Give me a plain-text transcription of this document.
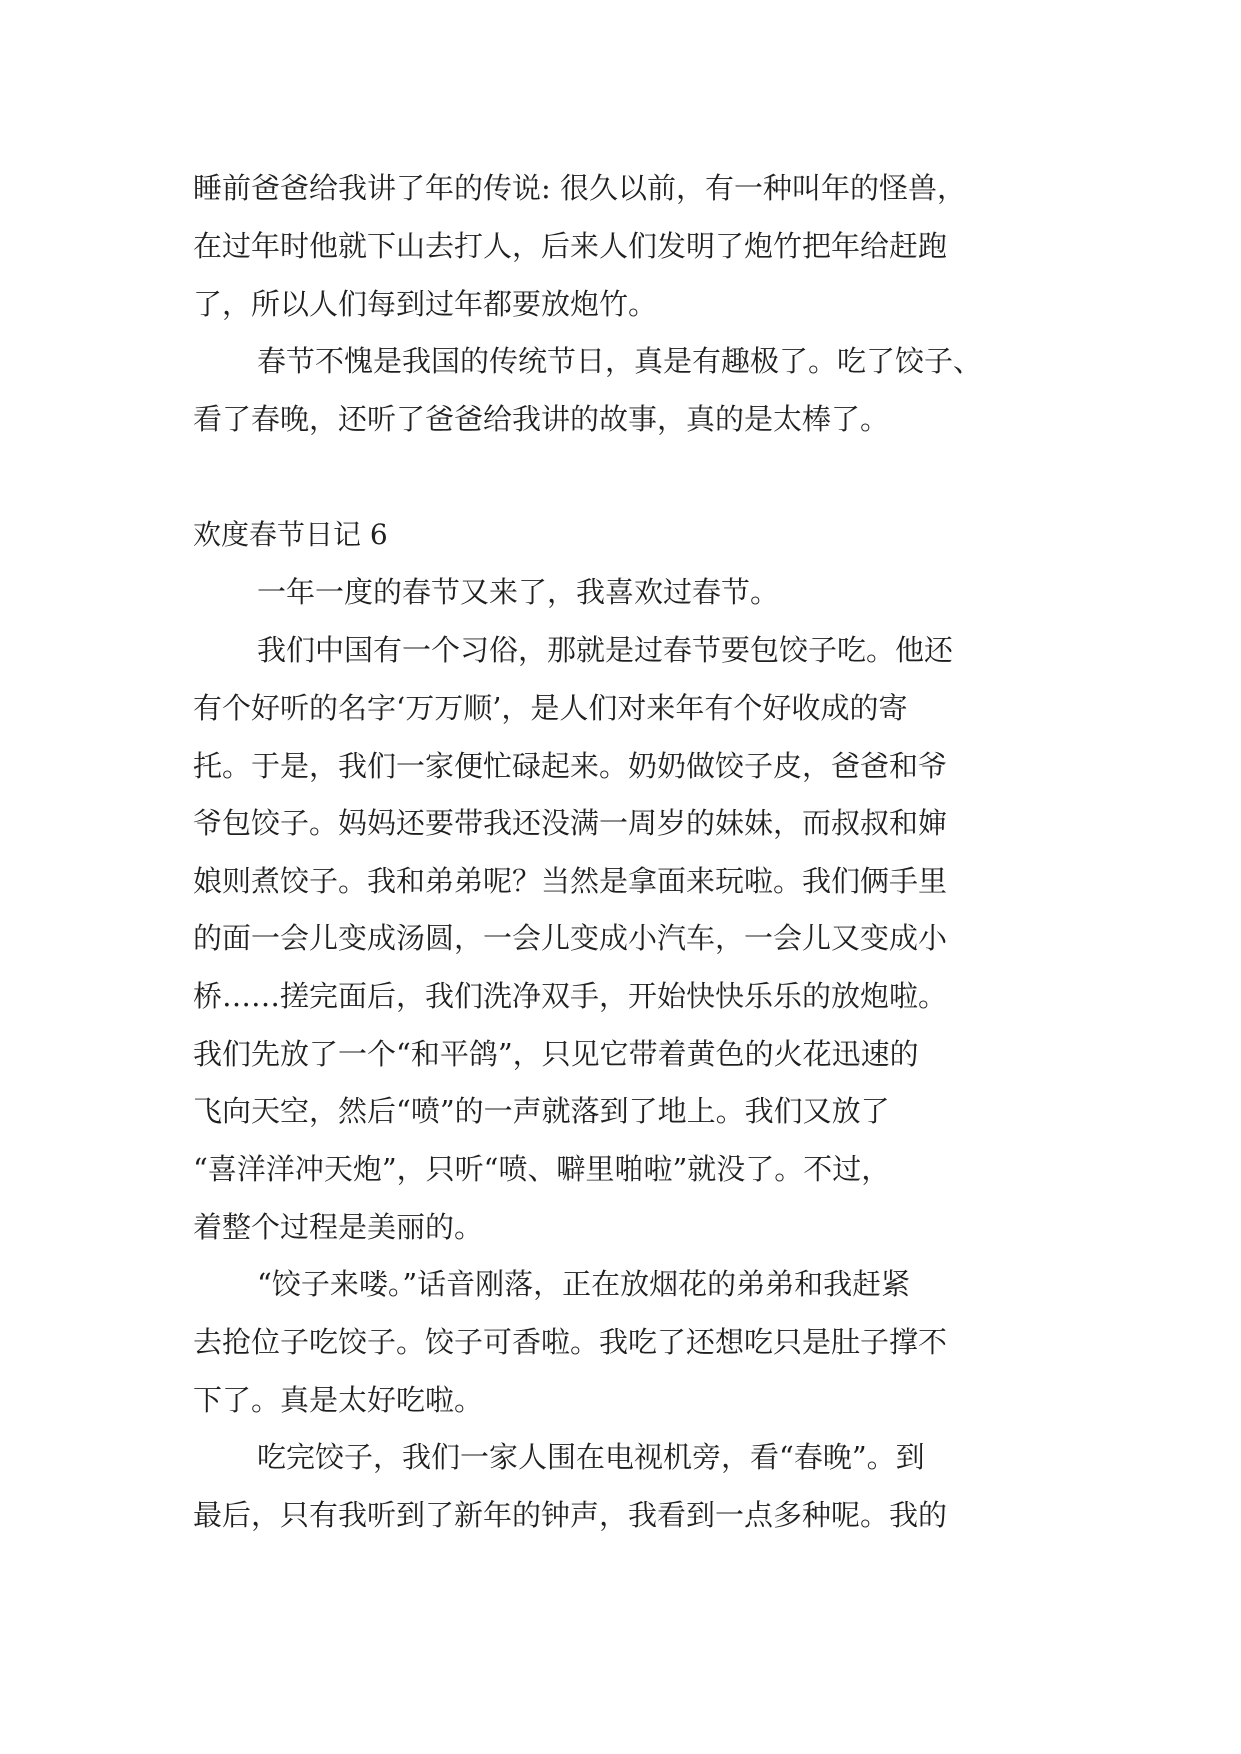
睡前爸爸给我讲了年的传说: 很久以前，有一种叫年的怪兽，
在过年时他就下山去打人，后来人们发明了炮竹把年给赶跑
了，所以人们每到过年都要放炮竹。
春节不愧是我国的传统节日，真是有趣极了。吃了饺子、
看了春晚，还听了爸爸给我讲的故事，真的是太棒了。
欢度春节日记 6
一年一度的春节又来了，我喜欢过春节。
我们中国有一个习俗，那就是过春节要包饺子吃。他还
有个好听的名字‘万万顺’，是人们对来年有个好收成的寄
托。于是，我们一家便忙碌起来。奶奶做饺子皮，爸爸和爷
爷包饺子。妈妈还要带我还没满一周岁的妹妹，而叔叔和婶
娘则煮饺子。我和弟弟呢？当然是拿面来玩啦。我们俩手里
的面一会儿变成汤圆，一会儿变成小汽车，一会儿又变成小
桥……搓完面后，我们洗净双手，开始快快乐乐的放炮啦。
我们先放了一个“和平鸽”，只见它带着黄色的火花迅速的
飞向天空，然后“喷”的一声就落到了地上。我们又放了
“喜洋洋冲天炮”，只听“喷、噼里啪啦”就没了。不过，
着整个过程是美丽的。
“饺子来喽。”话音刚落，正在放烟花的弟弟和我赶紧
去抢位子吃饺子。饺子可香啦。我吃了还想吃只是肚子撑不
下了。真是太好吃啦。
吃完饺子，我们一家人围在电视机旁，看“春晚”。到
最后，只有我听到了新年的钟声，我看到一点多种呢。我的
